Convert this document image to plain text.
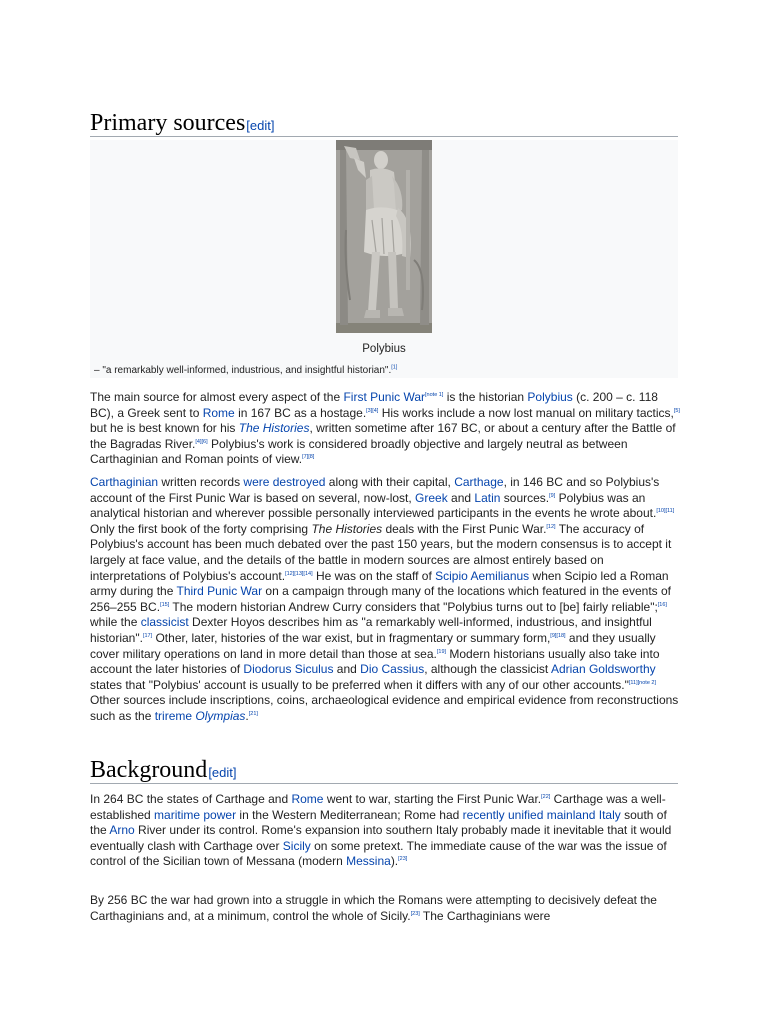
Primary sources[edit]
Polybius
– "a remarkably well-informed, industrious, and insightful historian".[1]

The main source for almost every aspect of the First Punic War[note 1] is the historian Polybius (c. 200 – c. 118 BC), a Greek sent to Rome in 167 BC as a hostage.[3][4] His works include a now lost manual on military tactics,[5] but he is best known for his The Histories, written sometime after 167 BC, or about a century after the Battle of the Bagradas River.[4][6] Polybius's work is considered broadly objective and largely neutral as between Carthaginian and Roman points of view.[7][8]

Carthaginian written records were destroyed along with their capital, Carthage, in 146 BC and so Polybius's account of the First Punic War is based on several, now-lost, Greek and Latin sources.[9] Polybius was an analytical historian and wherever possible personally interviewed participants in the events he wrote about.[10][11] Only the first book of the forty comprising The Histories deals with the First Punic War.[12] The accuracy of Polybius's account has been much debated over the past 150 years, but the modern consensus is to accept it largely at face value, and the details of the battle in modern sources are almost entirely based on interpretations of Polybius's account.[12][13][14] He was on the staff of Scipio Aemilianus when Scipio led a Roman army during the Third Punic War on a campaign through many of the locations which featured in the events of 256–255 BC.[15] The modern historian Andrew Curry considers that "Polybius turns out to [be] fairly reliable";[16] while the classicist Dexter Hoyos describes him as "a remarkably well-informed, industrious, and insightful historian".[17] Other, later, histories of the war exist, but in fragmentary or summary form,[9][18] and they usually cover military operations on land in more detail than those at sea.[19] Modern historians usually also take into account the later histories of Diodorus Siculus and Dio Cassius, although the classicist Adrian Goldsworthy states that "Polybius' account is usually to be preferred when it differs with any of our other accounts."[11][note 2] Other sources include inscriptions, coins, archaeological evidence and empirical evidence from reconstructions such as the trireme Olympias.[21]

Background[edit]

In 264 BC the states of Carthage and Rome went to war, starting the First Punic War.[22] Carthage was a well-established maritime power in the Western Mediterranean; Rome had recently unified mainland Italy south of the Arno River under its control. Rome's expansion into southern Italy probably made it inevitable that it would eventually clash with Carthage over Sicily on some pretext. The immediate cause of the war was the issue of control of the Sicilian town of Messana (modern Messina).[23]

By 256 BC the war had grown into a struggle in which the Romans were attempting to decisively defeat the Carthaginians and, at a minimum, control the whole of Sicily.[23] The Carthaginians were
